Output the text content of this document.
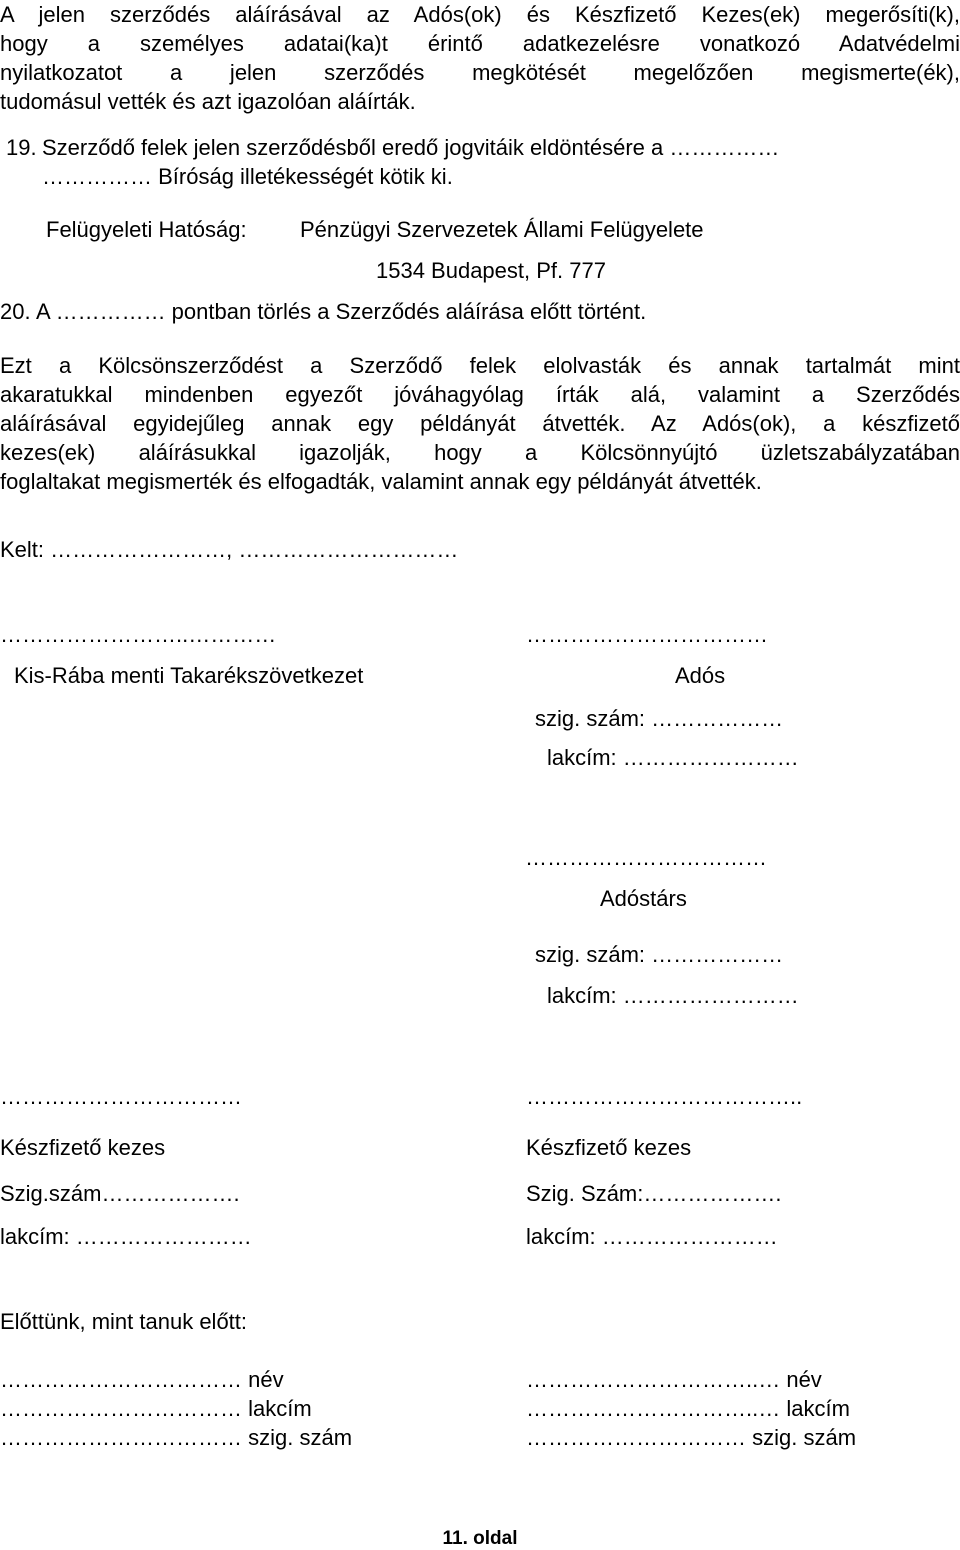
A jelen szerződés aláírásával az Adós(ok) és Készfizető Kezes(ek) megerősíti(k),
hogy a személyes adatai(ka)t érintő adatkezelésre vonatkozó Adatvédelmi
nyilatkozatot a jelen szerződés megkötését megelőzően megismerte(ék),
tudomásul vették és azt igazolóan aláírták.
19. Szerződő felek jelen szerződésből eredő jogvitáik eldöntésére a ……………
…………… Bíróság illetékességét kötik ki.
Felügyeleti Hatóság: Pénzügyi Szervezetek Állami Felügyelete
1534 Budapest, Pf. 777
20. A …………… pontban törlés a Szerződés aláírása előtt történt.
Ezt a Kölcsönszerződést a Szerződő felek elolvasták és annak tartalmát mint
akaratukkal mindenben egyezőt jóváhagyólag írták alá, valamint a Szerződés
aláírásával egyidejűleg annak egy példányát átvették. Az Adós(ok), a készfizető
kezes(ek) aláírásukkal igazolják, hogy a Kölcsönnyújtó üzletszabályzatában
foglaltakat megismerték és elfogadták, valamint annak egy példányát átvették.
Kelt: ……………………, …………………………
……………………..…………
Kis-Rába menti Takarékszövetkezet
……………………………
Adós
szig. szám: ………………
lakcím: ……………………
……………………………
Adóstárs
szig. szám: ………………
lakcím: ……………………
……………………………
Készfizető kezes
Szig.szám……………….
lakcím: ……………………
………………………………..
Készfizető kezes
Szig. Szám:……………….
lakcím: ……………………
Előttünk, mint tanuk előtt:
…………………………… név
…………………………… lakcím
…………………………… szig. szám
…………………………..… név
…………………………..… lakcím
………………………… szig. szám
11. oldal
